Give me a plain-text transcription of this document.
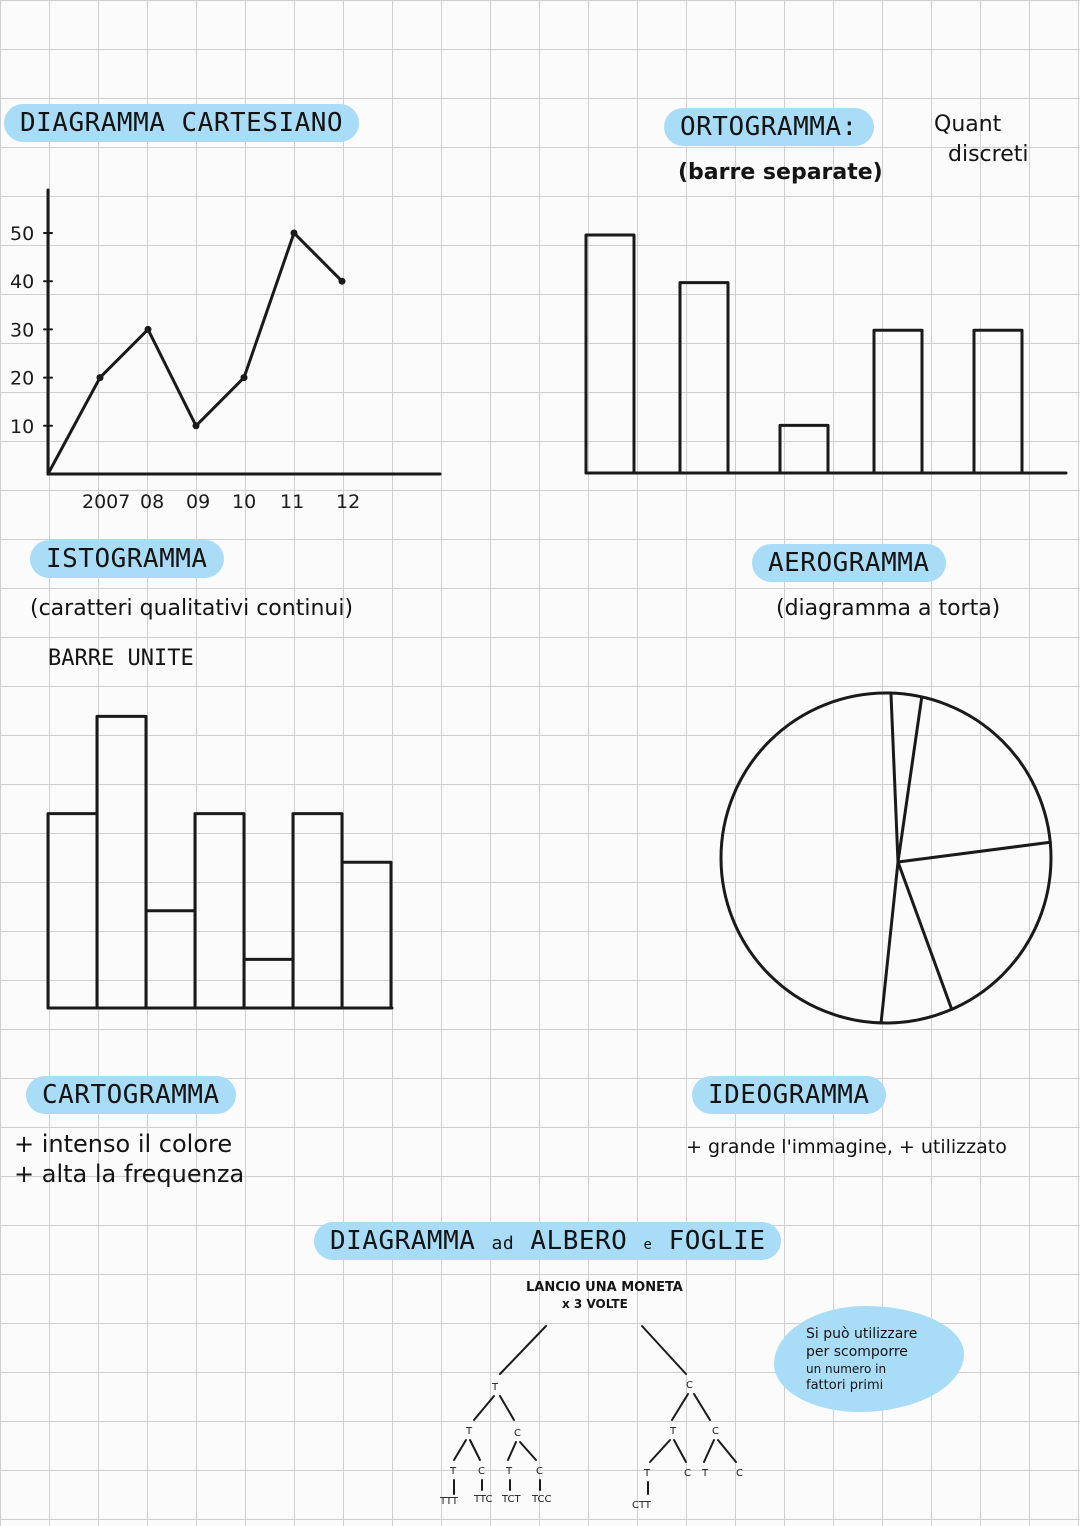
DIAGRAMMA CARTESIANO
10
20
30
40
50
2007 08 09 10 11 12
ORTOGRAMMA:	Quant
discreti
(barre separate)
ISTOGRAMMA
(caratteri qualitativi continui)
BARRE UNITE
AEROGRAMMA
(diagramma a torta)
CARTOGRAMMA
+ intenso il colore
+ alta la frequenza
IDEOGRAMMA
+ grande l'immagine, + utilizzato
DIAGRAMMA ad ALBERO e FOGLIE
LANCIO UNA MONETA
x 3 VOLTE
T	C
T	C	T	C
T C T C	T	C T	C
TTT TTC TCT TCC
CTT
Si può utilizzare
per scomporre
un numero in
fattori primi
